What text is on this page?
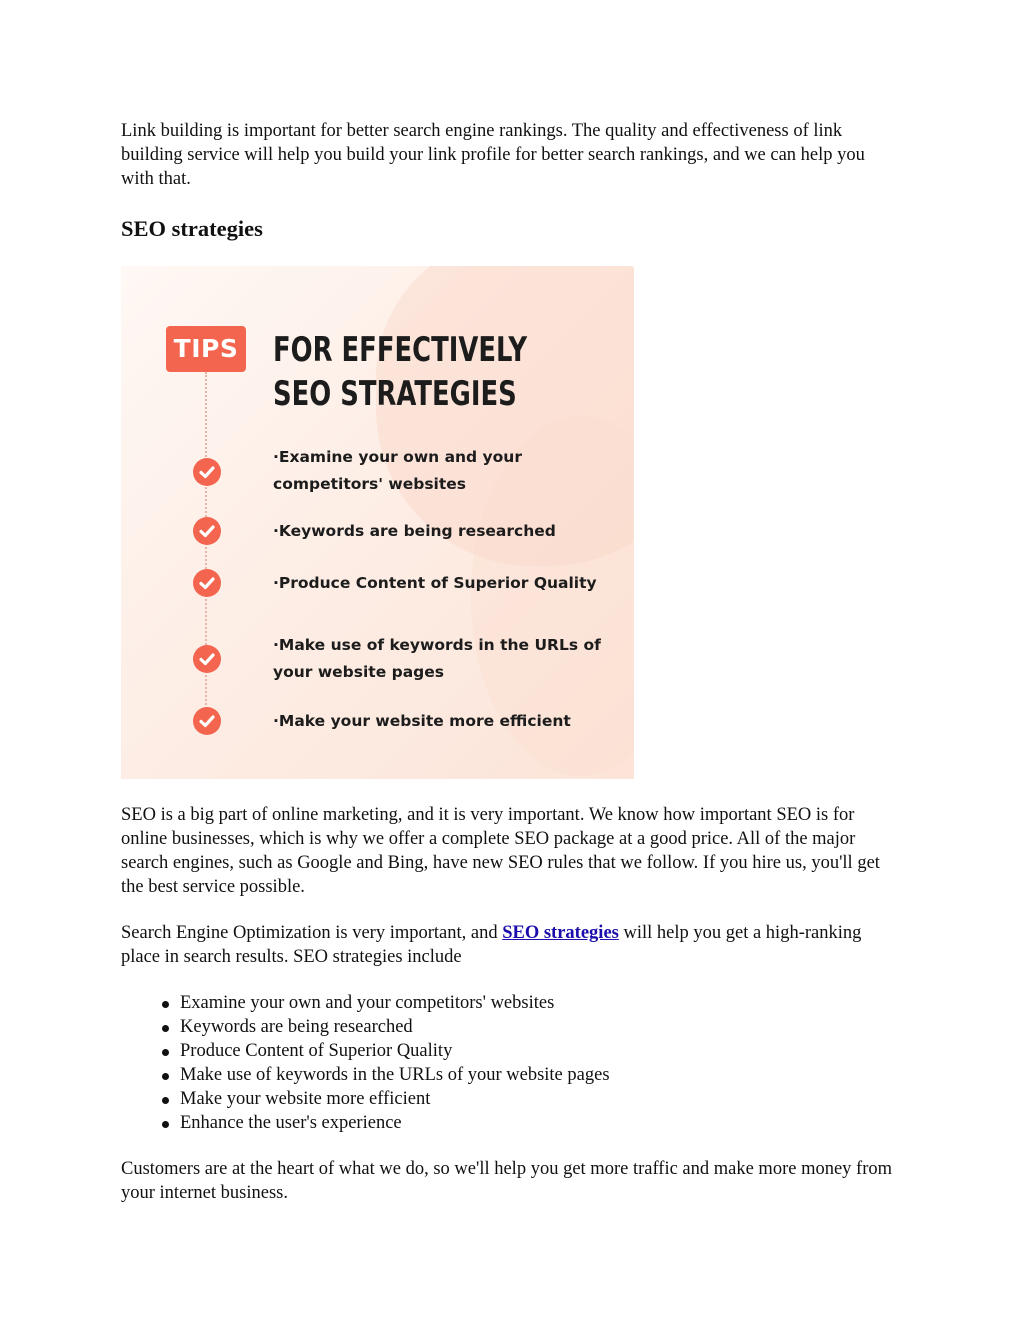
Link building is important for better search engine rankings. The quality and effectiveness of link building service will help you build your link profile for better search rankings, and we can help you with that.

SEO strategies
TIPS FOR EFFECTIVELY
SEO STRATEGIES
·Examine your own and your
competitors' websites
·Keywords are being researched
·Produce Content of Superior Quality
·Make use of keywords in the URLs of
your website pages
·Make your website more efficient

SEO is a big part of online marketing, and it is very important. We know how important SEO is for online businesses, which is why we offer a complete SEO package at a good price. All of the major search engines, such as Google and Bing, have new SEO rules that we follow. If you hire us, you'll get the best service possible.

Search Engine Optimization is very important, and SEO strategies will help you get a high-ranking place in search results. SEO strategies include

Examine your own and your competitors' websites
Keywords are being researched
Produce Content of Superior Quality
Make use of keywords in the URLs of your website pages
Make your website more efficient
Enhance the user's experience

Customers are at the heart of what we do, so we'll help you get more traffic and make more money from your internet business.
